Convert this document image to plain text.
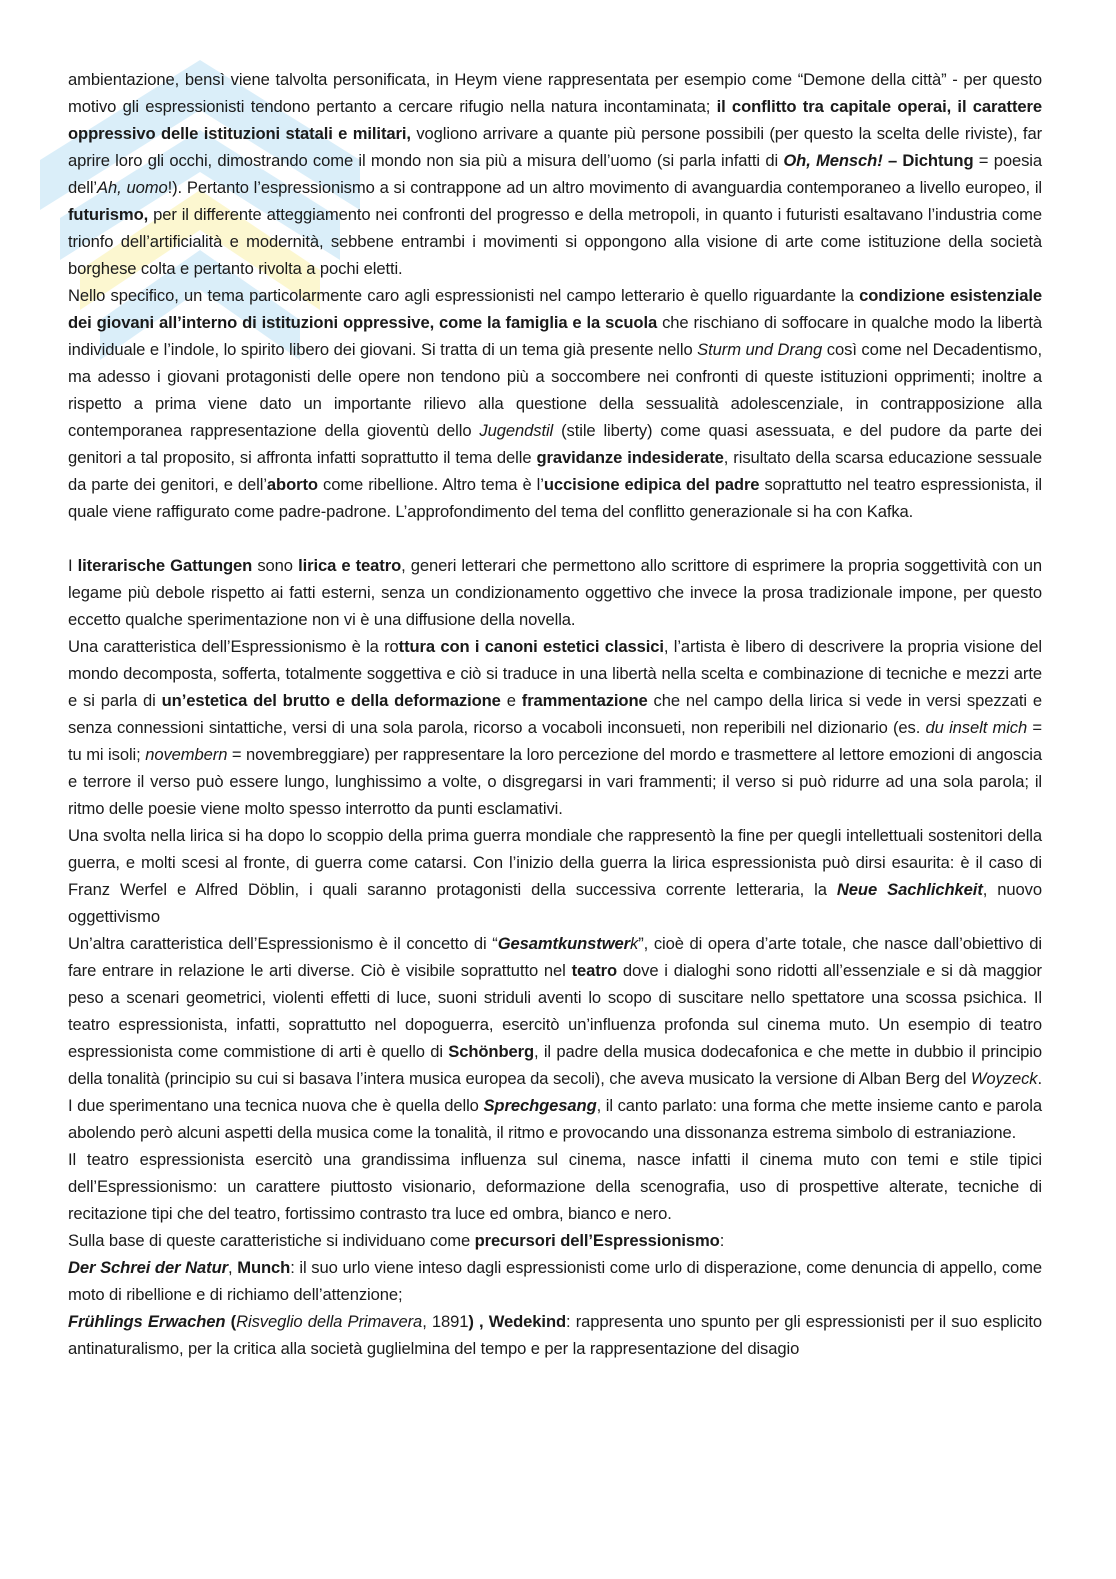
ambientazione, bensì viene talvolta personificata, in Heym viene rappresentata per esempio come “Demone della città” - per questo motivo gli espressionisti tendono pertanto a cercare rifugio nella natura incontaminata; il conflitto tra capitale operai, il carattere oppressivo delle istituzioni statali e militari, vogliono arrivare a quante più persone possibili (per questo la scelta delle riviste), far aprire loro gli occhi, dimostrando come il mondo non sia più a misura dell’uomo (si parla infatti di Oh, Mensch! – Dichtung = poesia dell’Ah, uomo!). Pertanto l’espressionismo a si contrappone ad un altro movimento di avanguardia contemporaneo a livello europeo, il futurismo, per il differente atteggiamento nei confronti del progresso e della metropoli, in quanto i futuristi esaltavano l’industria come trionfo dell’artificialità e modernità, sebbene entrambi i movimenti si oppongono alla visione di arte come istituzione della società borghese colta e pertanto rivolta a pochi eletti.

Nello specifico, un tema particolarmente caro agli espressionisti nel campo letterario è quello riguardante la condizione esistenziale dei giovani all’interno di istituzioni oppressive, come la famiglia e la scuola che rischiano di soffocare in qualche modo la libertà individuale e l’indole, lo spirito libero dei giovani. Si tratta di un tema già presente nello Sturm und Drang così come nel Decadentismo, ma adesso i giovani protagonisti delle opere non tendono più a soccombere nei confronti di queste istituzioni opprimenti; inoltre a rispetto a prima viene dato un importante rilievo alla questione della sessualità adolescenziale, in contrapposizione alla contemporanea rappresentazione della gioventù dello Jugendstil (stile liberty) come quasi asessuata, e del pudore da parte dei genitori a tal proposito, si affronta infatti soprattutto il tema delle gravidanze indesiderate, risultato della scarsa educazione sessuale da parte dei genitori, e dell’aborto come ribellione. Altro tema è l’uccisione edipica del padre soprattutto nel teatro espressionista, il quale viene raffigurato come padre-padrone. L’approfondimento del tema del conflitto generazionale si ha con Kafka.

I literarische Gattungen sono lirica e teatro, generi letterari che permettono allo scrittore di esprimere la propria soggettività con un legame più debole rispetto ai fatti esterni, senza un condizionamento oggettivo che invece la prosa tradizionale impone, per questo eccetto qualche sperimentazione non vi è una diffusione della novella.

Una caratteristica dell’Espressionismo è la rottura con i canoni estetici classici, l’artista è libero di descrivere la propria visione del mondo decomposta, sofferta, totalmente soggettiva e ciò si traduce in una libertà nella scelta e combinazione di tecniche e mezzi arte e si parla di un’estetica del brutto e della deformazione e frammentazione che nel campo della lirica si vede in versi spezzati e senza connessioni sintattiche, versi di una sola parola, ricorso a vocaboli inconsueti, non reperibili nel dizionario (es. du inselt mich = tu mi isoli; novembern = novembreggiare) per rappresentare la loro percezione del mordo e trasmettere al lettore emozioni di angoscia e terrore il verso può essere lungo, lunghissimo a volte, o disgregarsi in vari frammenti; il verso si può ridurre ad una sola parola; il ritmo delle poesie viene molto spesso interrotto da punti esclamativi.

Una svolta nella lirica si ha dopo lo scoppio della prima guerra mondiale che rappresentò la fine per quegli intellettuali sostenitori della guerra, e molti scesi al fronte, di guerra come catarsi. Con l’inizio della guerra la lirica espressionista può dirsi esaurita: è il caso di Franz Werfel e Alfred Döblin, i quali saranno protagonisti della successiva corrente letteraria, la Neue Sachlichkeit, nuovo oggettivismo

Un’altra caratteristica dell’Espressionismo è il concetto di “Gesamtkunstwerk”, cioè di opera d’arte totale, che nasce dall’obiettivo di fare entrare in relazione le arti diverse. Ciò è visibile soprattutto nel teatro dove i dialoghi sono ridotti all’essenziale e si dà maggior peso a scenari geometrici, violenti effetti di luce, suoni striduli aventi lo scopo di suscitare nello spettatore una scossa psichica. Il teatro espressionista, infatti, soprattutto nel dopoguerra, esercitò un’influenza profonda sul cinema muto. Un esempio di teatro espressionista come commistione di arti è quello di Schönberg, il padre della musica dodecafonica e che mette in dubbio il principio della tonalità (principio su cui si basava l’intera musica europea da secoli), che aveva musicato la versione di Alban Berg del Woyzeck. I due sperimentano una tecnica nuova che è quella dello Sprechgesang, il canto parlato: una forma che mette insieme canto e parola abolendo però alcuni aspetti della musica come la tonalità, il ritmo e provocando una dissonanza estrema simbolo di estraniazione.

Il teatro espressionista esercitò una grandissima influenza sul cinema, nasce infatti il cinema muto con temi e stile tipici dell’Espressionismo: un carattere piuttosto visionario, deformazione della scenografia, uso di prospettive alterate, tecniche di recitazione tipi che del teatro, fortissimo contrasto tra luce ed ombra, bianco e nero.

Sulla base di queste caratteristiche si individuano come precursori dell’Espressionismo:

Der Schrei der Natur, Munch: il suo urlo viene inteso dagli espressionisti come urlo di disperazione, come denuncia di appello, come moto di ribellione e di richiamo dell’attenzione;

Frühlings Erwachen (Risveglio della Primavera, 1891) , Wedekind: rappresenta uno spunto per gli espressionisti per il suo esplicito antinaturalismo, per la critica alla società guglielmina del tempo e per la rappresentazione del disagio
